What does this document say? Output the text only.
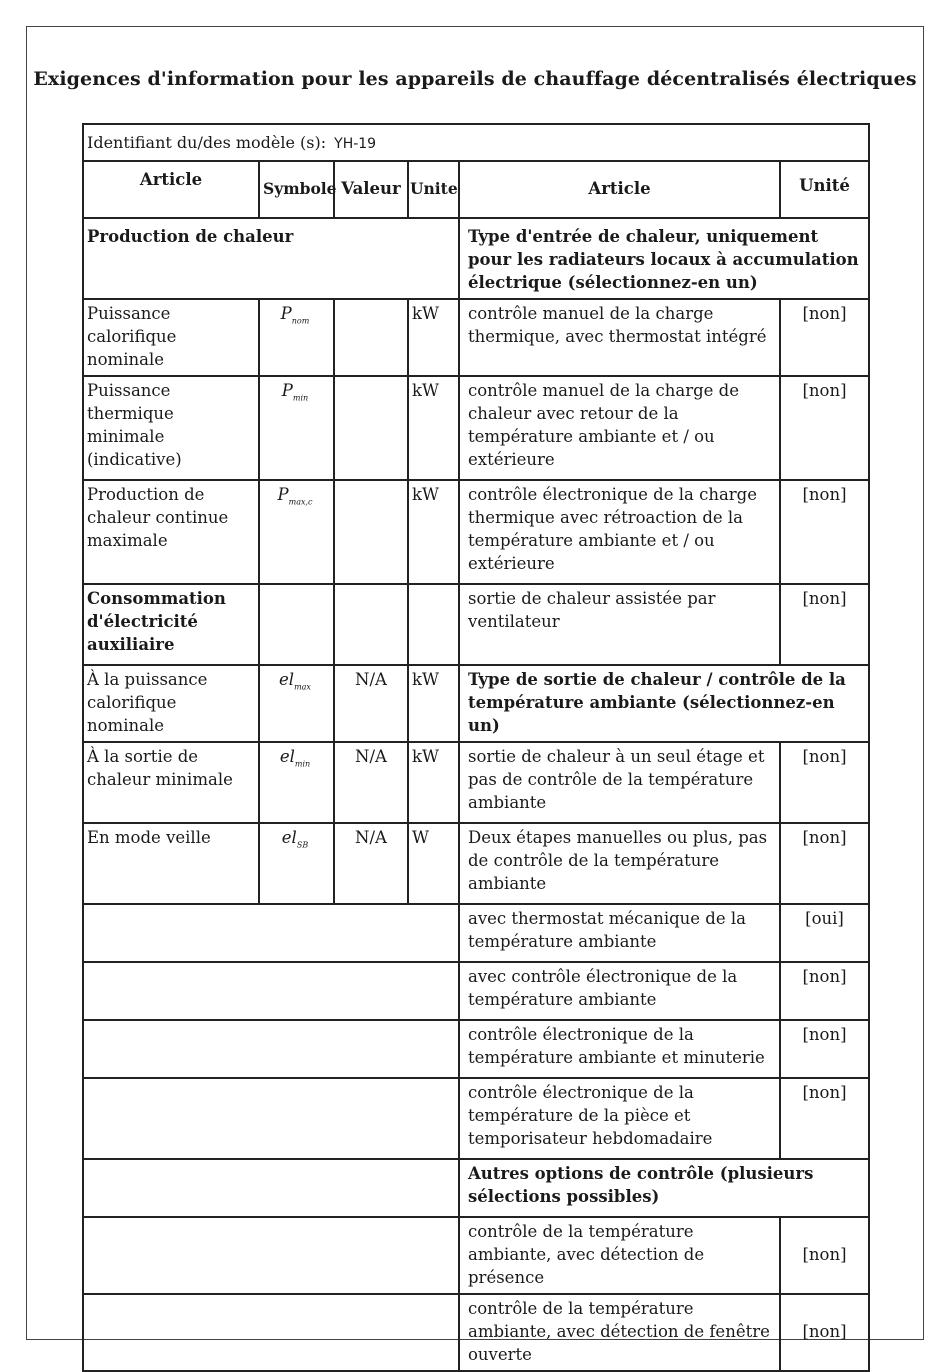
Exigences d'information pour les appareils de chauffage décentralisés électriques
Identifiant du/des modèle (s): YH-19					
Article	Symbole	Valeur	Unite	Article	Unité
Production de chaleur				Type d'entrée de chaleur, uniquement pour les radiateurs locaux à accumulation électrique (sélectionnez-en un)	
Puissance calorifique nominale	$P_{nom}$		kW	contrôle manuel de la charge thermique, avec thermostat intégré	[non]
Puissance thermique minimale (indicative)	$P_{min}$		kW	contrôle manuel de la charge de chaleur avec retour de la température ambiante et / ou extérieure	[non]
Production de chaleur continue maximale	$P_{max,c}$		kW	contrôle électronique de la charge thermique avec rétroaction de la température ambiante et / ou extérieure	[non]
Consommation d'électricité auxiliaire				sortie de chaleur assistée par ventilateur	[non]
À la puissance calorifique nominale	$el_{max}$	N/A	kW	Type de sortie de chaleur / contrôle de la température ambiante (sélectionnez-en un)	
À la sortie de chaleur minimale	$el_{min}$	N/A	kW	sortie de chaleur à un seul étage et pas de contrôle de la température ambiante	[non]
En mode veille	$el_{SB}$	N/A	W	Deux étapes manuelles ou plus, pas de contrôle de la température ambiante	[non]
				avec thermostat mécanique de la température ambiante	[oui]
				avec contrôle électronique de la température ambiante	[non]
				contrôle électronique de la température ambiante et minuterie	[non]
				contrôle électronique de la température de la pièce et temporisateur hebdomadaire	[non]
				Autres options de contrôle (plusieurs sélections possibles)	
				contrôle de la température ambiante, avec détection de présence	[non]
				contrôle de la température ambiante, avec détection de fenêtre ouverte	[non]
